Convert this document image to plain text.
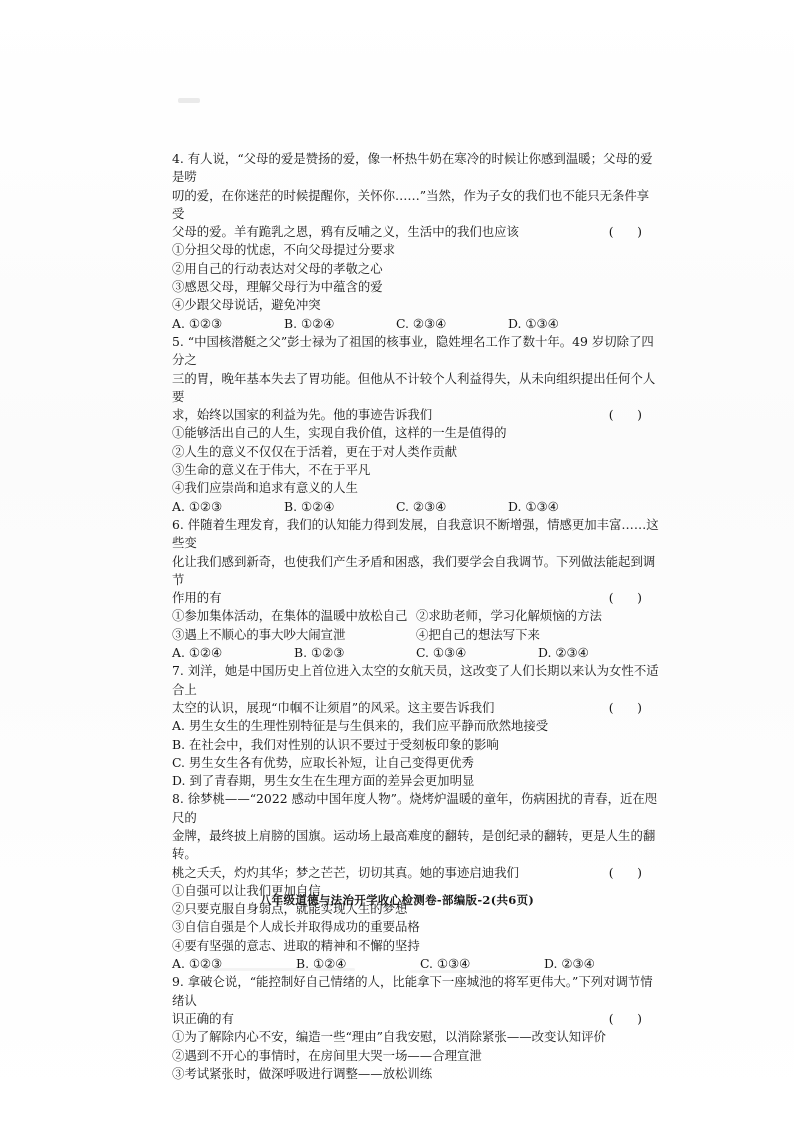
4. 有人说，“父母的爱是赞扬的爱，像一杯热牛奶在寒冷的时候让你感到温暖；父母的爱是唠
叨的爱，在你迷茫的时候提醒你，关怀你……”当然，作为子女的我们也不能只无条件享受
父母的爱。羊有跪乳之恩，鸦有反哺之义，生活中的我们也应该	(      )
①分担父母的忧虑，不向父母提过分要求
②用自己的行动表达对父母的孝敬之心
③感恩父母，理解父母行为中蕴含的爱
④少跟父母说话，避免冲突
A. ①②③	B. ①②④	C. ②③④	D. ①③④
5. “中国核潜艇之父”彭士禄为了祖国的核事业，隐姓埋名工作了数十年。49 岁切除了四分之
三的胃，晚年基本失去了胃功能。但他从不计较个人利益得失，从未向组织提出任何个人要
求，始终以国家的利益为先。他的事迹告诉我们	(      )
①能够活出自己的人生，实现自我价值，这样的一生是值得的
②人生的意义不仅仅在于活着，更在于对人类作贡献
③生命的意义在于伟大，不在于平凡
④我们应崇尚和追求有意义的人生
A. ①②③	B. ①②④	C. ②③④	D. ①③④
6. 伴随着生理发育，我们的认知能力得到发展，自我意识不断增强，情感更加丰富……这些变
化让我们感到新奇，也使我们产生矛盾和困惑，我们要学会自我调节。下列做法能起到调节
作用的有	(      )
①参加集体活动，在集体的温暖中放松自己 ②求助老师，学习化解烦恼的方法
③遇上不顺心的事大吵大闹宣泄	④把自己的想法写下来
A. ①②④	B. ①②③	C. ①③④	D. ②③④
7. 刘洋，她是中国历史上首位进入太空的女航天员，这改变了人们长期以来认为女性不适合上
太空的认识，展现“巾帼不让须眉”的风采。这主要告诉我们	(      )
A. 男生女生的生理性别特征是与生俱来的，我们应平静而欣然地接受
B. 在社会中，我们对性别的认识不要过于受刻板印象的影响
C. 男生女生各有优势，应取长补短，让自己变得更优秀
D. 到了青春期，男生女生在生理方面的差异会更加明显
8. 徐梦桃——“2022 感动中国年度人物”。烧烤炉温暖的童年，伤病困扰的青春，近在咫尺的
金牌，最终披上肩膀的国旗。运动场上最高难度的翻转，是创纪录的翻转，更是人生的翻转。
桃之夭夭，灼灼其华；梦之芒芒，切切其真。她的事迹启迪我们	(      )
①自强可以让我们更加自信
②只要克服自身弱点，就能实现人生的梦想
③自信自强是个人成长并取得成功的重要品格
④要有坚强的意志、进取的精神和不懈的坚持
A. ①②③	B. ①②④	C. ①③④	D. ②③④
9. 拿破仑说，“能控制好自己情绪的人，比能拿下一座城池的将军更伟大。”下列对调节情绪认
识正确的有	(      )
①为了解除内心不安，编造一些“理由”自我安慰，以消除紧张——改变认知评价
②遇到不开心的事情时，在房间里大哭一场——合理宣泄
③考试紧张时，做深呼吸进行调整——放松训练
八年级道德与法治开学收心检测卷-部编版-2(共6页)
